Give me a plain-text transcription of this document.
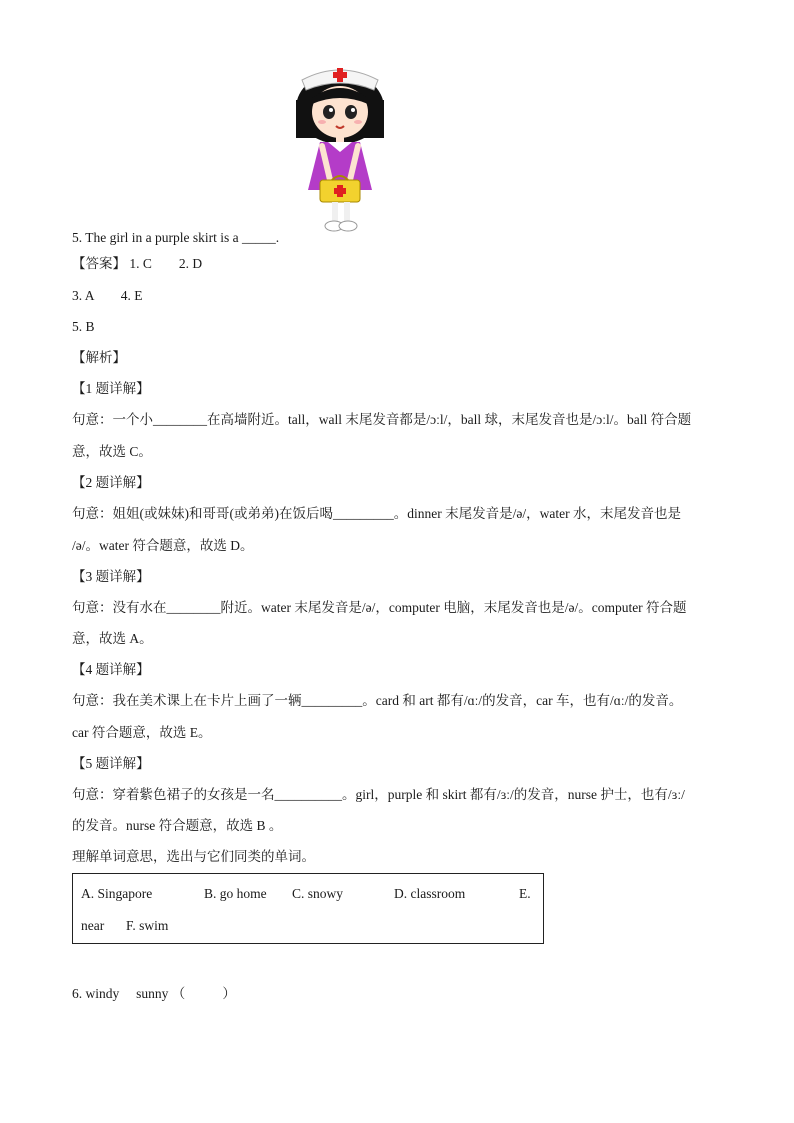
5. The girl in a purple skirt is a _____.
【答案】 1. C        2. D
3. A        4. E
5. B
【解析】
【1 题详解】
句意：一个小________在高墙附近。tall，wall 末尾发音都是/ɔːl/，ball 球，末尾发音也是/ɔːl/。ball 符合题
意，故选 C。
【2 题详解】
句意：姐姐(或妹妹)和哥哥(或弟弟)在饭后喝_________。dinner 末尾发音是/ə/，water 水，末尾发音也是
/ə/。water 符合题意，故选 D。
【3 题详解】
句意：没有水在________附近。water 末尾发音是/ə/，computer 电脑，末尾发音也是/ə/。computer 符合题
意，故选 A。
【4 题详解】
句意：我在美术课上在卡片上画了一辆_________。card 和 art 都有/ɑː/的发音，car 车，也有/ɑː/的发音。
car 符合题意，故选 E。
【5 题详解】
句意：穿着紫色裙子的女孩是一名__________。girl，purple 和 skirt 都有/ɜː/的发音，nurse 护士，也有/ɜː/
的发音。nurse 符合题意，故选 B 。
理解单词意思，选出与它们同类的单词。
A. Singapore	B. go home C. snowy	D. classroom	E.
near F. swim
6. windy     sunny （           ）
